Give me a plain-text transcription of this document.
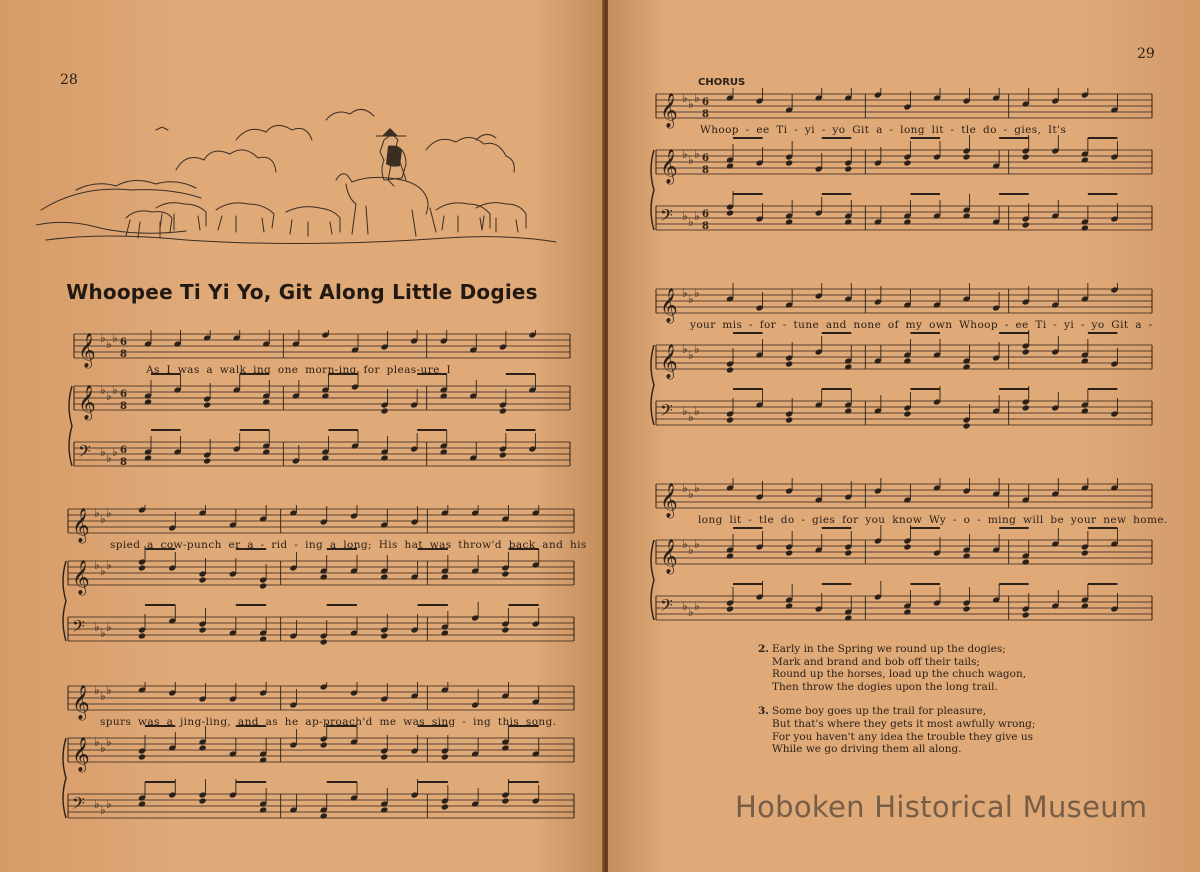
28
Whoopee Ti Yi Yo, Git Along Little Dogies
𝄞 ♭ ♭ ♭ 6
8
𝄞 ♭ ♭ ♭ 6
8
𝄢 ♭ ♭ ♭ 6
8
As I was a walk ing one morn-ing for pleas-ure I
𝄞 ♭ ♭ ♭
𝄞 ♭ ♭ ♭
𝄢 ♭ ♭ ♭
spied a cow-punch er a - rid - ing a long; His hat was throw'd back and his
𝄞 ♭ ♭ ♭
𝄞 ♭ ♭ ♭
𝄢 ♭ ♭ ♭
spurs was a jing-ling, and as he ap-proach'd me was sing - ing this song.
29
CHORUS
𝄞 ♭ ♭ ♭ 6
8
𝄞 ♭ ♭ ♭ 6
8
𝄢 ♭ ♭ ♭ 6
8
Whoop - ee Ti - yi - yo Git a - long lit - tle do - gies, It's
𝄞 ♭ ♭ ♭
𝄞 ♭ ♭ ♭
𝄢 ♭ ♭ ♭
your mis - for - tune and none of my own Whoop - ee Ti - yi - yo Git a -
𝄞 ♭ ♭ ♭
𝄞 ♭ ♭ ♭
𝄢 ♭ ♭ ♭
long lit - tle do - gies for you know Wy - o - ming will be your new home.
2. Early in the Spring we round up the dogies;
Mark and brand and bob off their tails;
Round up the horses, load up the chuch wagon,
Then throw the dogies upon the long trail.
3. Some boy goes up the trail for pleasure,
But that's where they gets it most awfully wrong;
For you haven't any idea the trouble they give us
While we go driving them all along.
Hoboken Historical Museum
